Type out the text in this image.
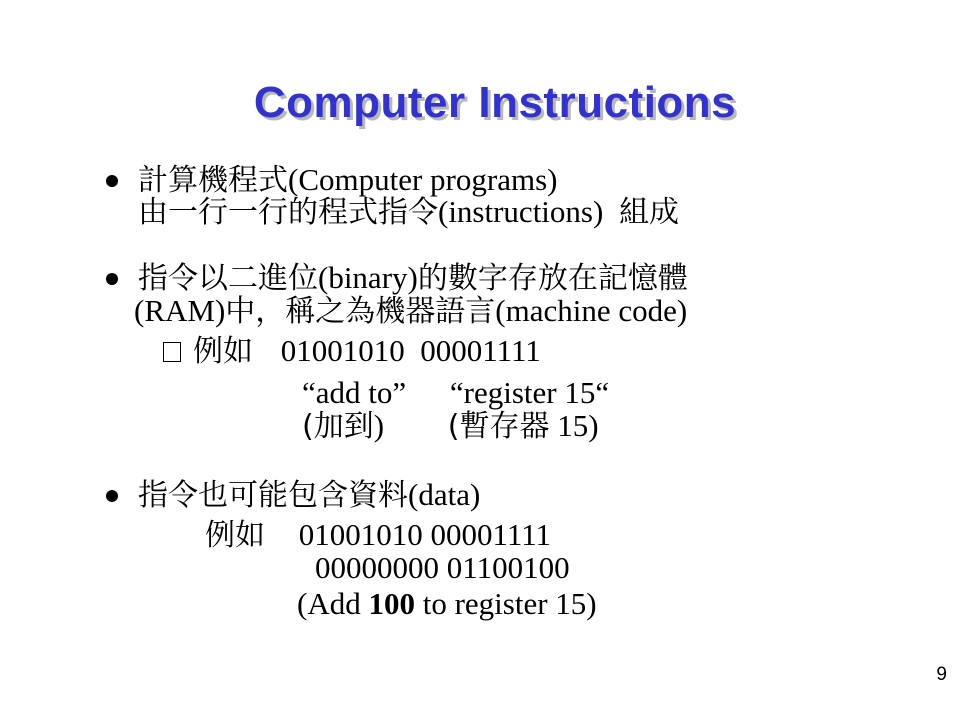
Computer Instructions
計算機程式(Computer programs)
由一行一行的程式指令(instructions) 組成
指令以二進位(binary)的數字存放在記憶體
(RAM)中，稱之為機器語言(machine code)
例如 01001010  00001111
“add to” “register 15“
(加到) (暫存器 15)
指令也可能包含資料(data)
例如 01001010 00001111
00000000 01100100
(Add 100 to register 15)
9
